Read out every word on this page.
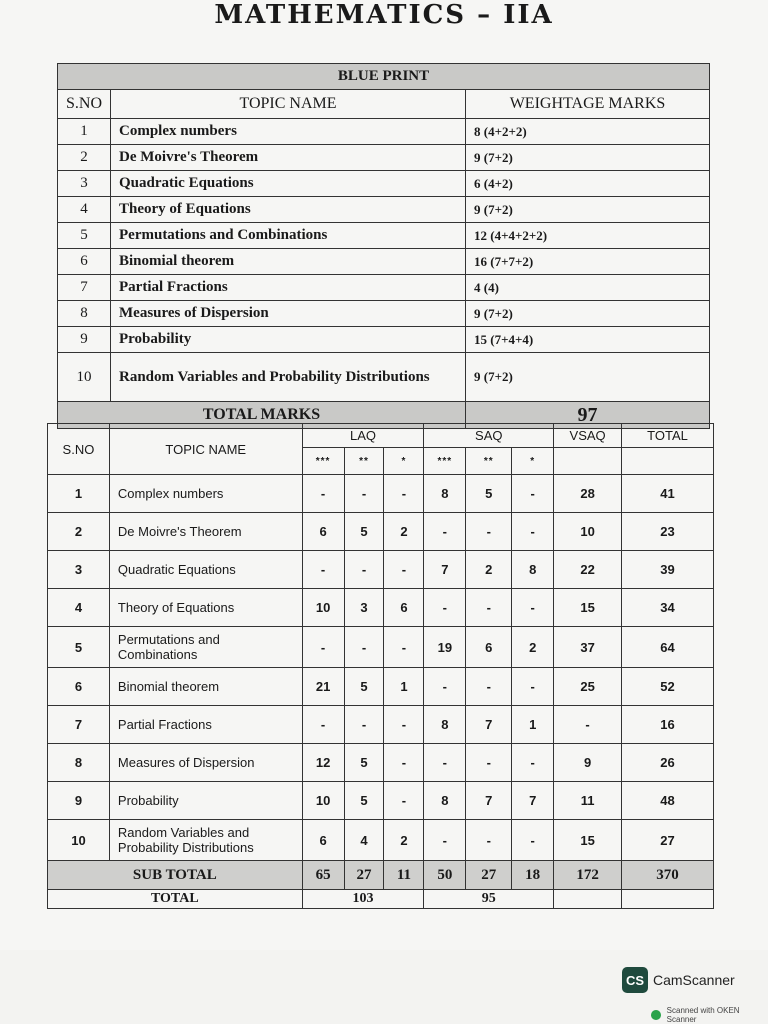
MATHEMATICS – IIA
BLUE PRINT		
S.NO	TOPIC NAME	WEIGHTAGE MARKS
1	Complex numbers	8 (4+2+2)
2	De Moivre's Theorem	9 (7+2)
3	Quadratic Equations	6 (4+2)
4	Theory of Equations	9 (7+2)
5	Permutations and Combinations	12 (4+4+2+2)
6	Binomial theorem	16 (7+7+2)
7	Partial Fractions	4 (4)
8	Measures of Dispersion	9 (7+2)
9	Probability	15 (7+4+4)
10	Random Variables and Probability Distributions	9 (7+2)
TOTAL MARKS		97
S.NO	TOPIC NAME	LAQ			SAQ			VSAQ	TOTAL
		***	**	*	***	**	*		
1	Complex numbers	-	-	-	8	5	-	28	41
2	De Moivre's Theorem	6	5	2	-	-	-	10	23
3	Quadratic Equations	-	-	-	7	2	8	22	39
4	Theory of Equations	10	3	6	-	-	-	15	34
5	Permutations and Combinations	-	-	-	19	6	2	37	64
6	Binomial theorem	21	5	1	-	-	-	25	52
7	Partial Fractions	-	-	-	8	7	1	-	16
8	Measures of Dispersion	12	5	-	-	-	-	9	26
9	Probability	10	5	-	8	7	7	11	48
10	Random Variables and Probability Distributions	6	4	2	-	-	-	15	27
SUB TOTAL		65	27	11	50	27	18	172	370
TOTAL		103			95				
CS CamScanner
Scanned with OKEN Scanner
